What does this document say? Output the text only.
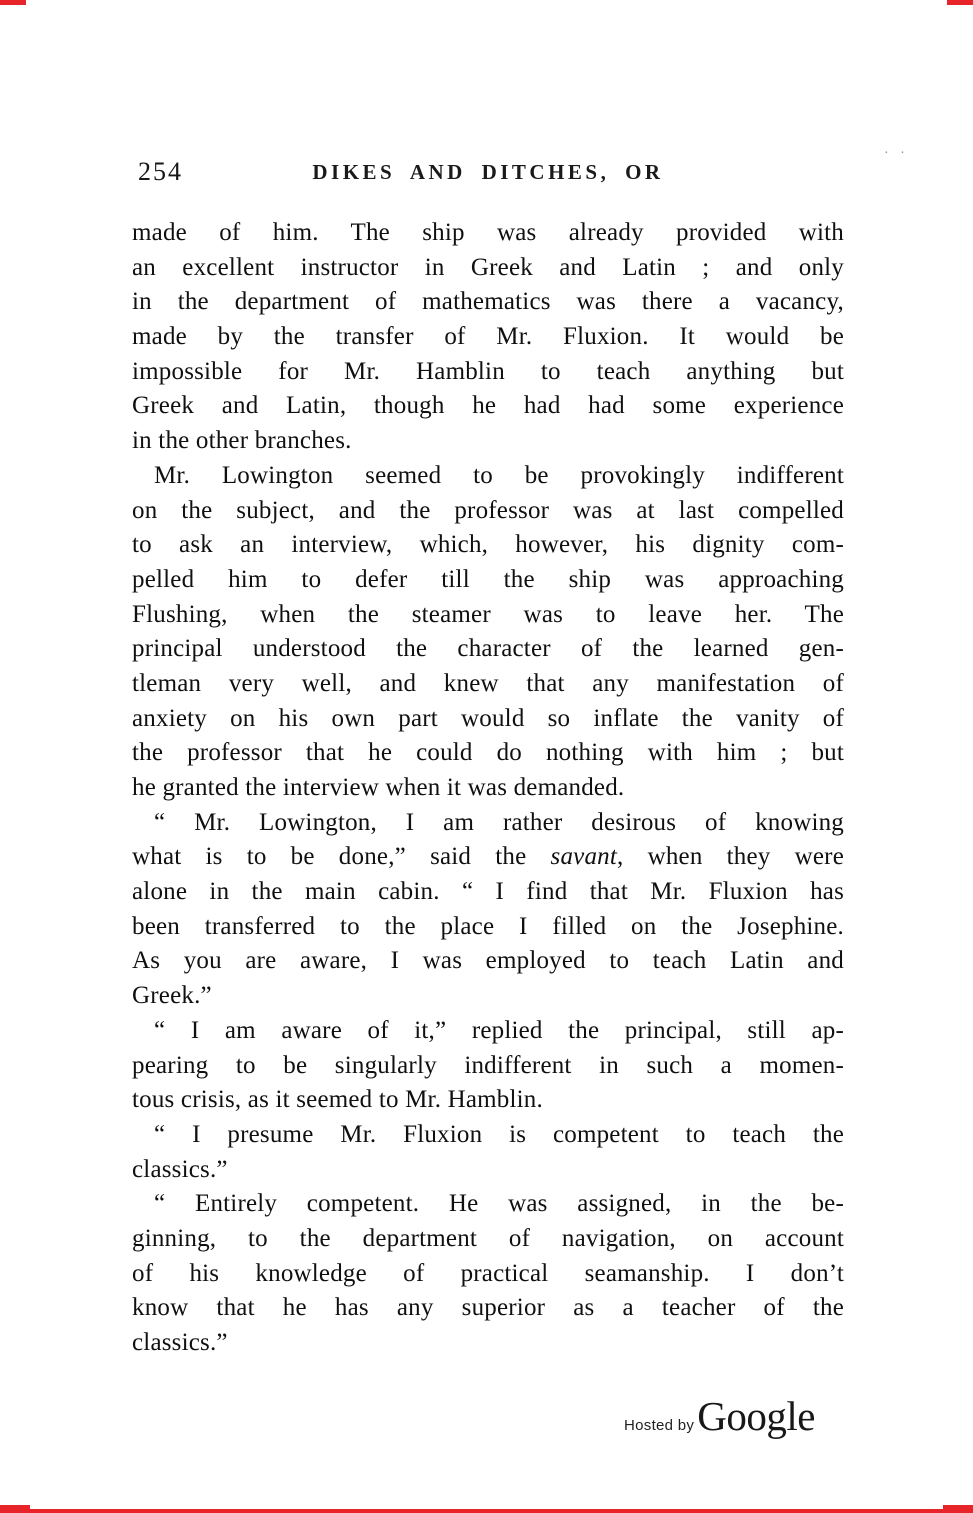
254	DIKES AND DITCHES, OR
· ·
made of him. The ship was already provided with
an excellent instructor in Greek and Latin ; and only
in the department of mathematics was there a vacancy,
made by the transfer of Mr. Fluxion. It would be
impossible for Mr. Hamblin to teach anything but
Greek and Latin, though he had had some experience
in the other branches.
Mr. Lowington seemed to be provokingly indifferent
on the subject, and the professor was at last compelled
to ask an interview, which, however, his dignity com-
pelled him to defer till the ship was approaching
Flushing, when the steamer was to leave her. The
principal understood the character of the learned gen-
tleman very well, and knew that any manifestation of
anxiety on his own part would so inflate the vanity of
the professor that he could do nothing with him ; but
he granted the interview when it was demanded.
“ Mr. Lowington, I am rather desirous of knowing
what is to be done,” said the savant, when they were
alone in the main cabin. “ I find that Mr. Fluxion has
been transferred to the place I filled on the Josephine.
As you are aware, I was employed to teach Latin and
Greek.”
“ I am aware of it,” replied the principal, still ap-
pearing to be singularly indifferent in such a momen-
tous crisis, as it seemed to Mr. Hamblin.
“ I presume Mr. Fluxion is competent to teach the
classics.”
“ Entirely competent. He was assigned, in the be-
ginning, to the department of navigation, on account
of his knowledge of practical seamanship. I don’t
know that he has any superior as a teacher of the
classics.”
Hosted by Google
